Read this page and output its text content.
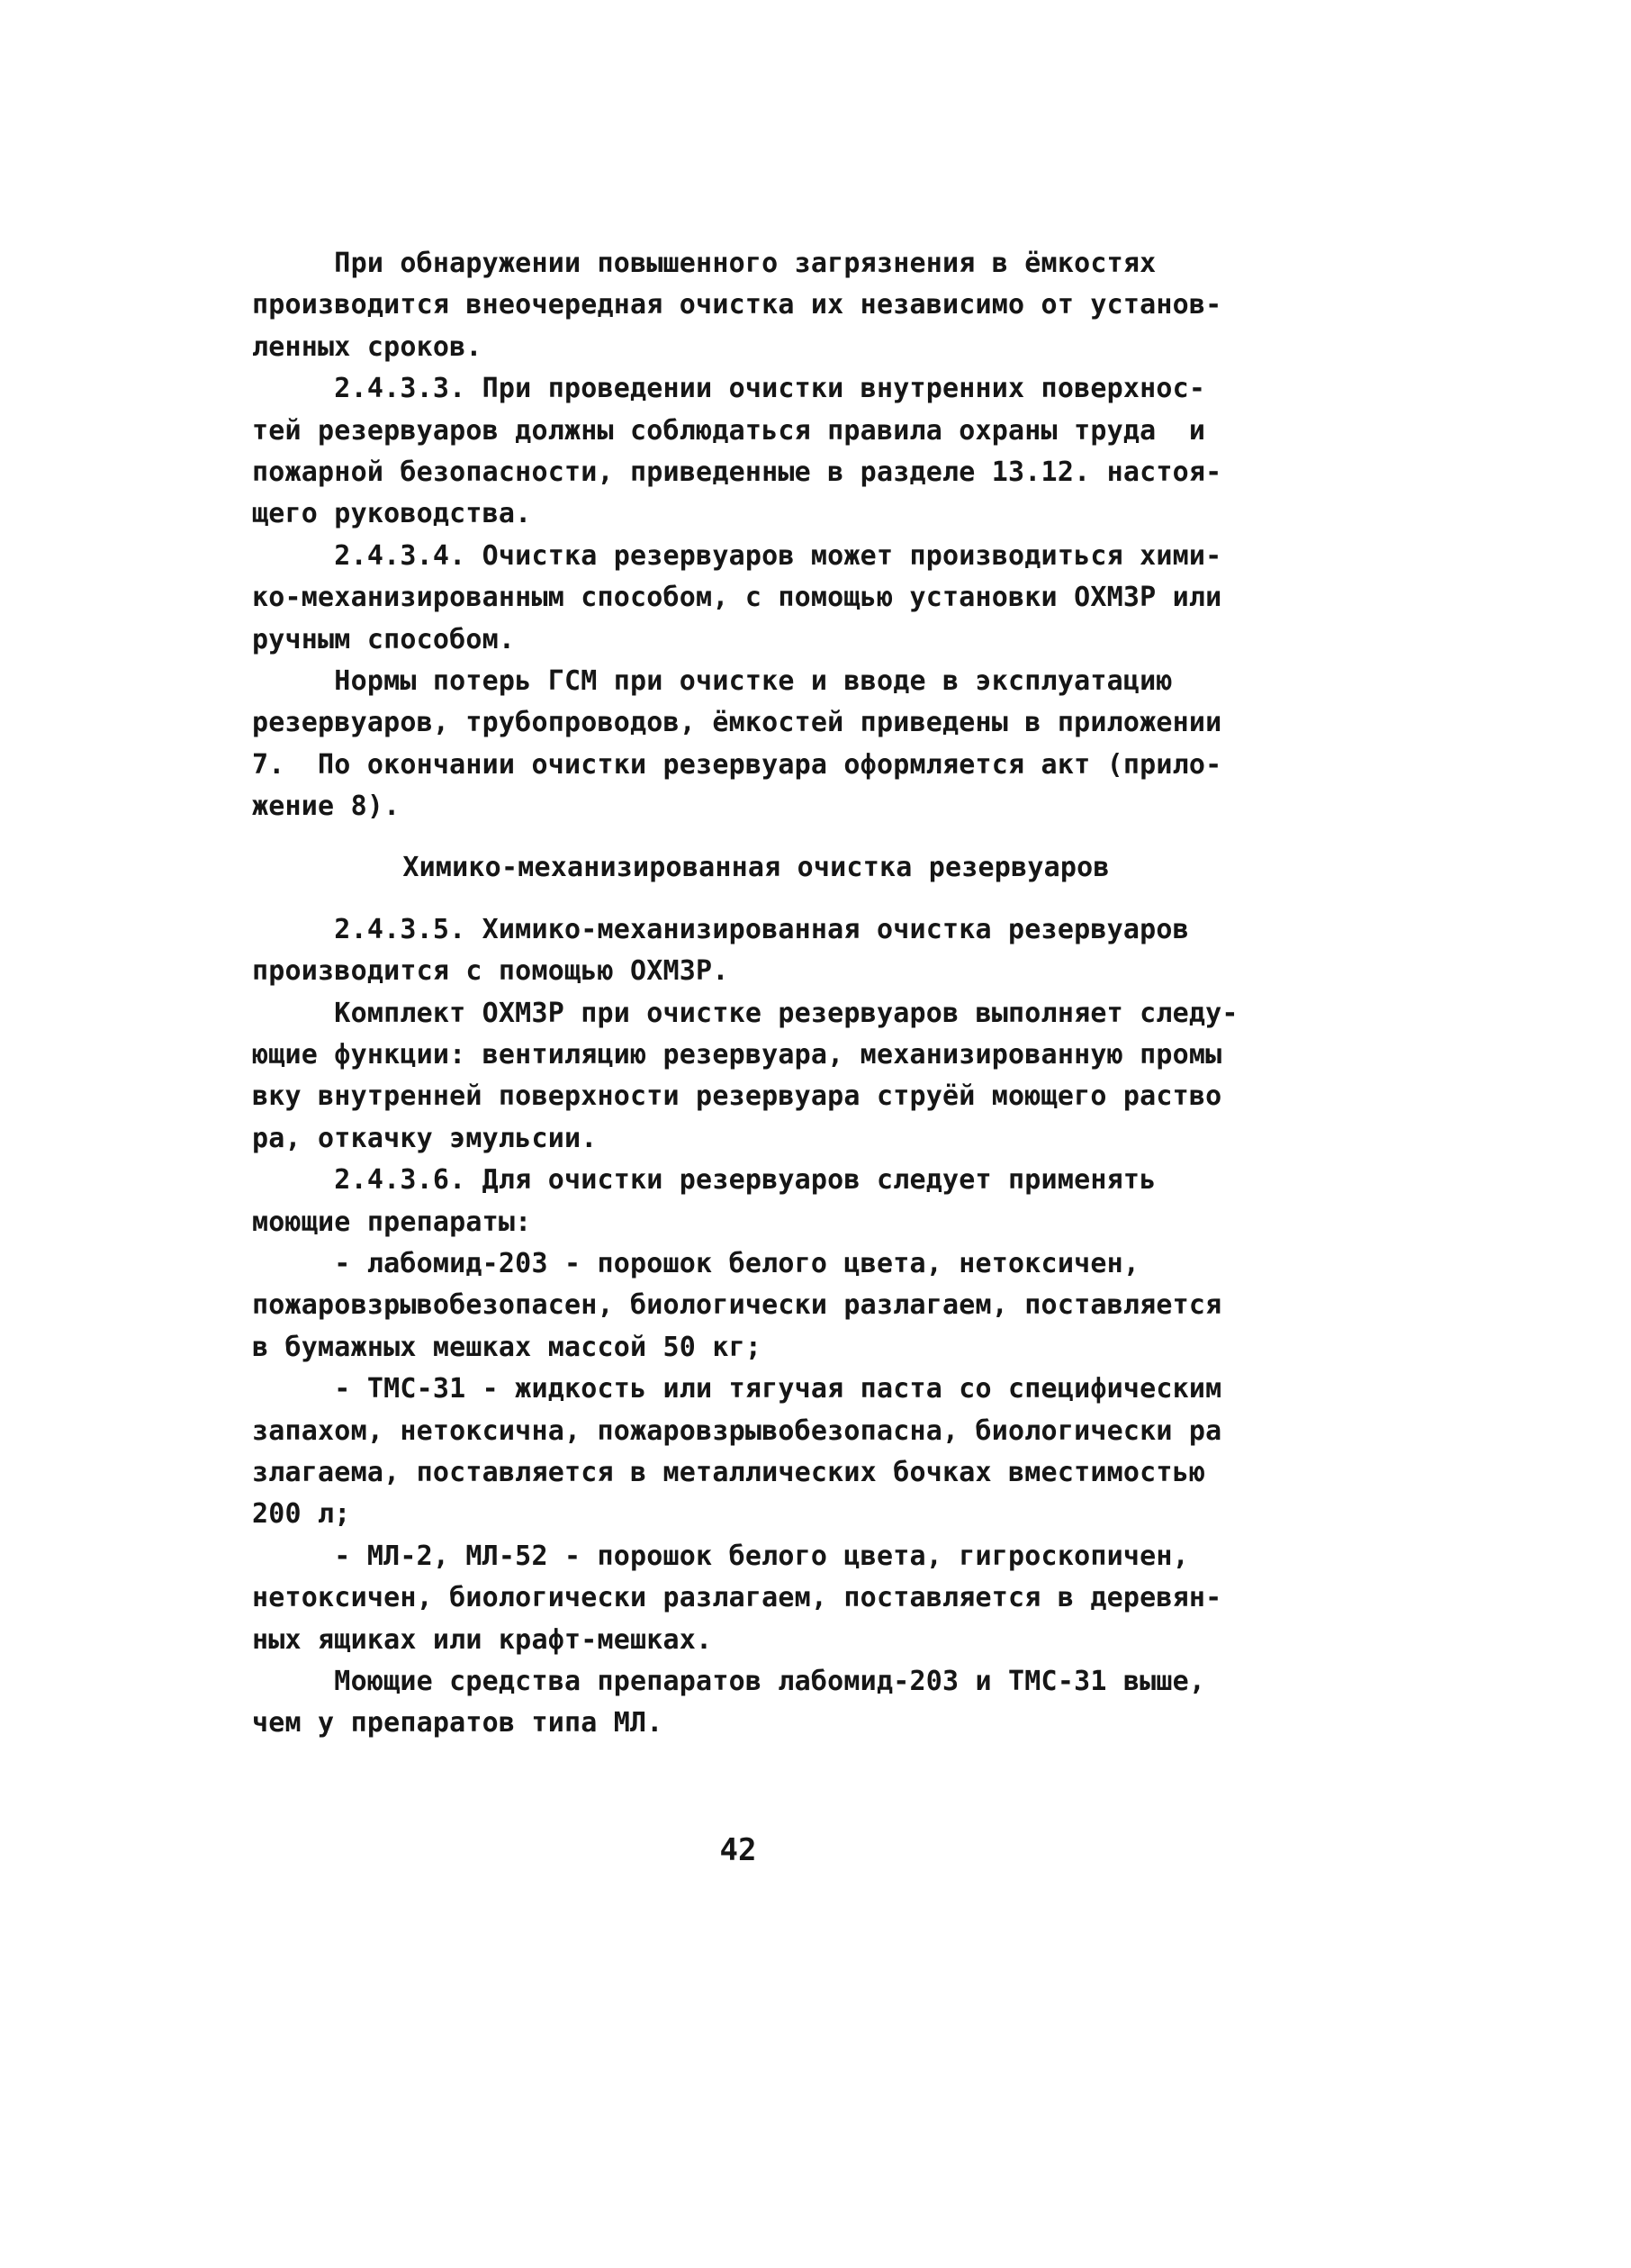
При обнаружении повышенного загрязнения в ёмкостях
производится внеочередная очистка их независимо от установ-
ленных сроков.
2.4.3.3. При проведении очистки внутренних поверхнос-
тей резервуаров должны соблюдаться правила охраны труда  и
пожарной безопасности, приведенные в разделе 13.12. настоя-
щего руководства.
2.4.3.4. Очистка резервуаров может производиться хими-
ко-механизированным способом, с помощью установки ОХМЗР или
ручным способом.
Нормы потерь ГСМ при очистке и вводе в эксплуатацию
резервуаров, трубопроводов, ёмкостей приведены в приложении
7.  По окончании очистки резервуара оформляется акт (прило-
жение 8).
Химико-механизированная очистка резервуаров
2.4.3.5. Химико-механизированная очистка резервуаров
производится с помощью ОХМЗР.
Комплект ОХМЗР при очистке резервуаров выполняет следу-
ющие функции: вентиляцию резервуара, механизированную промы
вку внутренней поверхности резервуара струёй моющего раство
ра, откачку эмульсии.
2.4.3.6. Для очистки резервуаров следует применять
моющие препараты:
- лабомид-203 - порошок белого цвета, нетоксичен,
пожаровзрывобезопасен, биологически разлагаем, поставляется
в бумажных мешках массой 50 кг;
- ТМС-31 - жидкость или тягучая паста со специфическим
запахом, нетоксична, пожаровзрывобезопасна, биологически ра
злагаема, поставляется в металлических бочках вместимостью
200 л;
- МЛ-2, МЛ-52 - порошок белого цвета, гигроскопичен,
нетоксичен, биологически разлагаем, поставляется в деревян-
ных ящиках или крафт-мешках.
Моющие средства препаратов лабомид-203 и ТМС-31 выше,
чем у препаратов типа МЛ.
42
